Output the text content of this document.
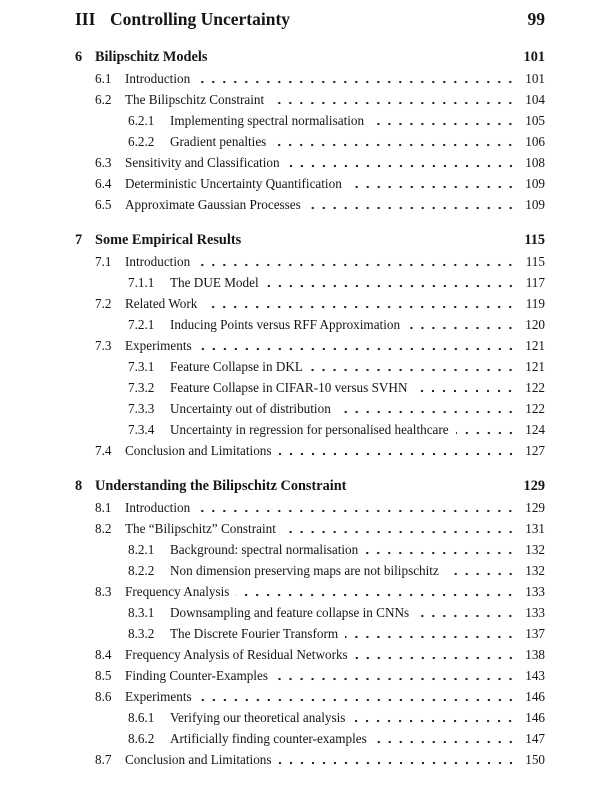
III Controlling Uncertainty	99
6 Bilipschitz Models	101
6.1	Introduction	101
6.2	The Bilipschitz Constraint	104
6.2.1	Implementing spectral normalisation	105
6.2.2	Gradient penalties	106
6.3	Sensitivity and Classification	108
6.4	Deterministic Uncertainty Quantification	109
6.5	Approximate Gaussian Processes	109
7 Some Empirical Results	115
7.1	Introduction	115
7.1.1	The DUE Model	117
7.2	Related Work	119
7.2.1	Inducing Points versus RFF Approximation	120
7.3	Experiments	121
7.3.1	Feature Collapse in DKL	121
7.3.2	Feature Collapse in CIFAR-10 versus SVHN	122
7.3.3	Uncertainty out of distribution	122
7.3.4	Uncertainty in regression for personalised healthcare	124
7.4	Conclusion and Limitations	127
8 Understanding the Bilipschitz Constraint	129
8.1	Introduction	129
8.2	The “Bilipschitz” Constraint	131
8.2.1	Background: spectral normalisation	132
8.2.2	Non dimension preserving maps are not bilipschitz	132
8.3	Frequency Analysis	133
8.3.1	Downsampling and feature collapse in CNNs	133
8.3.2	The Discrete Fourier Transform	137
8.4	Frequency Analysis of Residual Networks	138
8.5	Finding Counter-Examples	143
8.6	Experiments	146
8.6.1	Verifying our theoretical analysis	146
8.6.2	Artificially finding counter-examples	147
8.7	Conclusion and Limitations	150
